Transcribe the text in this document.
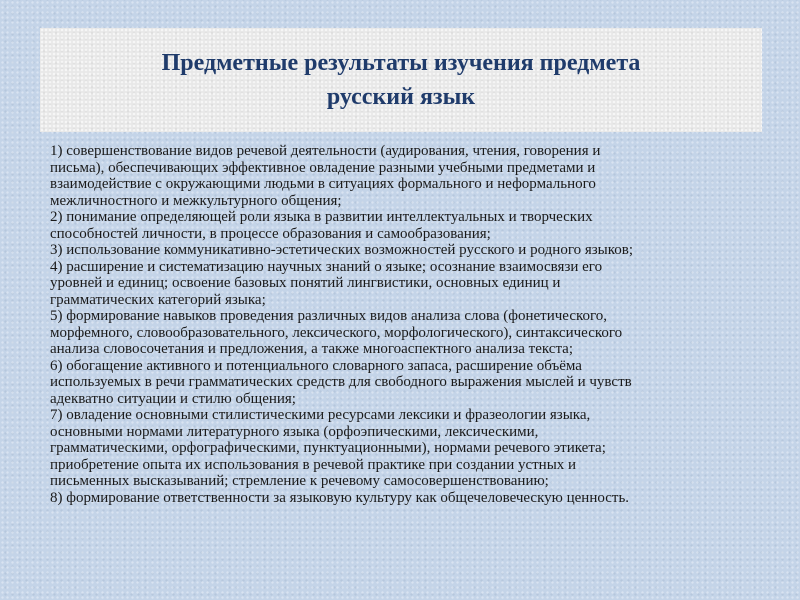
Предметные результаты изучения предмета
русский язык
1) совершенствование видов речевой деятельности (аудирования, чтения, говорения и
письма), обеспечивающих эффективное овладение разными учебными предметами и
взаимодействие с окружающими людьми в ситуациях формального и неформального
межличностного и межкультурного общения;
2) понимание определяющей роли языка в развитии интеллектуальных и творческих
способностей личности, в процессе образования и самообразования;
3) использование коммуникативно-эстетических возможностей русского и родного языков;
4) расширение и систематизацию научных знаний о языке; осознание взаимосвязи его
уровней и единиц; освоение базовых понятий лингвистики, основных единиц и
грамматических категорий языка;
5) формирование навыков проведения различных видов анализа слова (фонетического,
морфемного, словообразовательного, лексического, морфологического), синтаксического
анализа словосочетания и предложения, а также многоаспектного анализа текста;
6) обогащение активного и потенциального словарного запаса, расширение объёма
используемых в речи грамматических средств для свободного выражения мыслей и чувств
адекватно ситуации и стилю общения;
7) овладение основными стилистическими ресурсами лексики и фразеологии языка,
основными нормами литературного языка (орфоэпическими, лексическими,
грамматическими, орфографическими, пунктуационными), нормами речевого этикета;
приобретение опыта их использования в речевой практике при создании устных и
письменных высказываний; стремление к речевому самосовершенствованию;
8) формирование ответственности за языковую культуру как общечеловеческую ценность.
